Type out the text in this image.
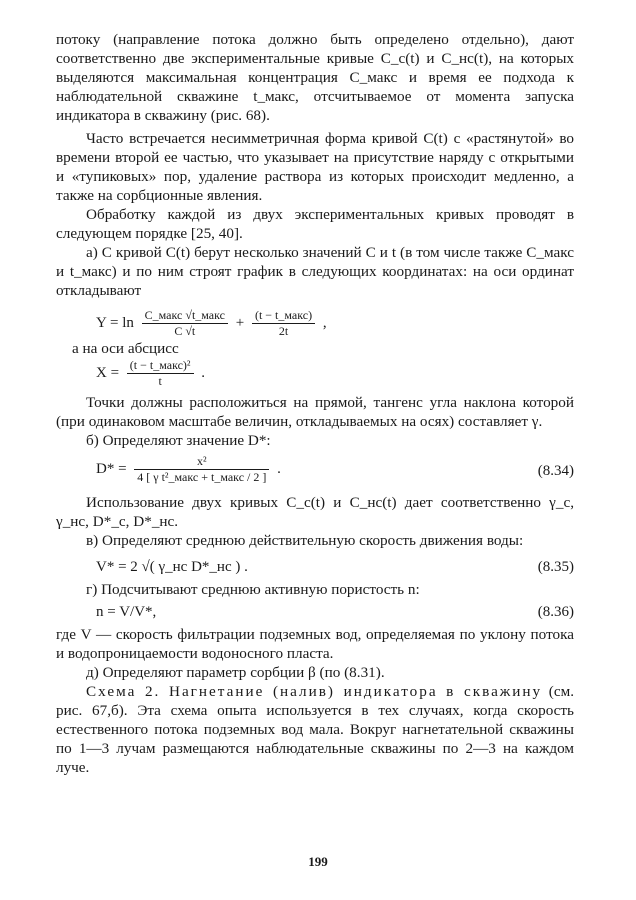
потоку (направление потока должно быть определено отдельно), дают соответственно две экспериментальные кривые C_c(t) и C_нс(t), на которых выделяются максимальная концентрация C_макс и время ее подхода к наблюдательной скважине t_макс, отсчитываемое от момента запуска индикатора в скважину (рис. 68).

Часто встречается несимметричная форма кривой C(t) с «растянутой» во времени второй ее частью, что указывает на присутствие наряду с открытыми и «тупиковых» пор, удаление раствора из которых происходит медленно, а также на сорбционные явления.

Обработку каждой из двух экспериментальных кривых проводят в следующем порядке [25, 40].

а) С кривой C(t) берут несколько значений C и t (в том числе также C_макс и t_макс) и по ним строят график в следующих координатах: на оси ординат откладывают

$Y = \ln \frac{\text{C\_макс √t\_макс}}{C √t} + \frac{\text{(t − t\_макс)}}{2t}$ ,

а на оси абсцисс

$X = \frac{\text{(t − t\_макс)²}}{t}$ .

Точки должны расположиться на прямой, тангенс угла наклона которой (при одинаковом масштабе величин, откладываемых на осях) составляет γ.

б) Определяют значение D*:

$D* = \frac{\text{x²}}{\text{4 [ γ t²\_макс + t\_макс / 2 ]}}$ .	(8.34)

Использование двух кривых C_c(t) и C_нс(t) дает соответственно γ_c, γ_нс, D*_c, D*_нс.

в) Определяют среднюю действительную скорость движения воды:

V* = 2 √( γ_нс D*_нс ) .	(8.35)

г) Подсчитывают среднюю активную пористость n:

n = V/V*,	(8.36)

где V — скорость фильтрации подземных вод, определяемая по уклону потока и водопроницаемости водоносного пласта.

д) Определяют параметр сорбции β (по (8.31).

Схема 2. Нагнетание (налив) индикатора в скважину (см. рис. 67,б). Эта схема опыта используется в тех случаях, когда скорость естественного потока подземных вод мала. Вокруг нагнетательной скважины по 1—3 лучам размещаются наблюдательные скважины по 2—3 на каждом луче.

199
